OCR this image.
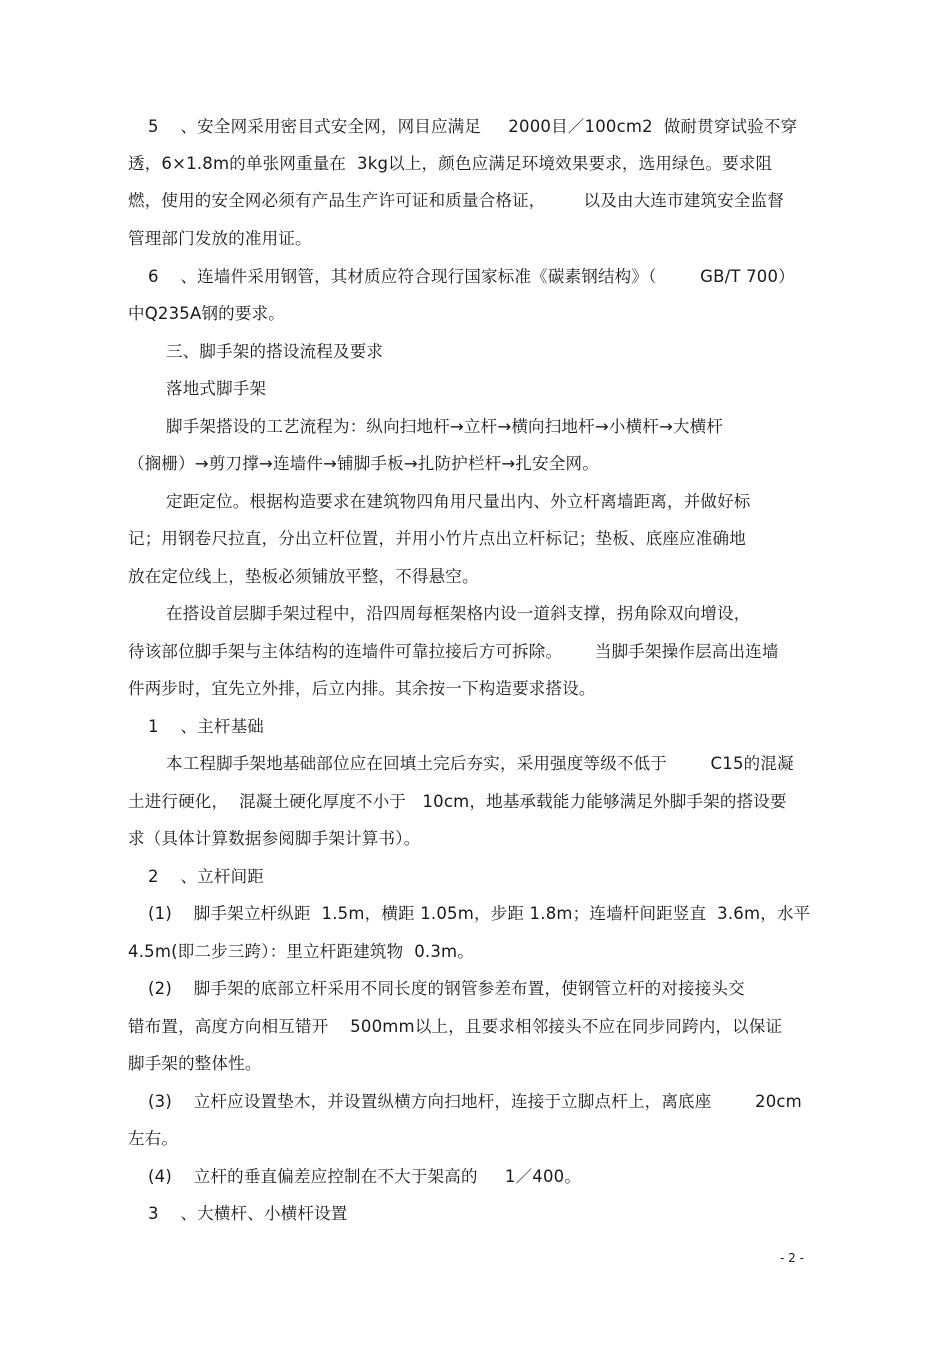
5    、安全网采用密目式安全网，网目应满足     2000目／100cm2  做耐贯穿试验不穿
透，6×1.8m的单张网重量在  3kg以上，颜色应满足环境效果要求，选用绿色。要求阻
燃，使用的安全网必须有产品生产许可证和质量合格证，       以及由大连市建筑安全监督
管理部门发放的准用证。
6    、连墙件采用钢管，其材质应符合现行国家标准《碳素钢结构》（        GB/T 700）
中Q235A钢的要求。
三、脚手架的搭设流程及要求
落地式脚手架
脚手架搭设的工艺流程为：纵向扫地杆→立杆→横向扫地杆→小横杆→大横杆
（搁栅）→剪刀撑→连墙件→铺脚手板→扎防护栏杆→扎安全网。
定距定位。根据构造要求在建筑物四角用尺量出内、外立杆离墙距离，并做好标
记；用钢卷尺拉直，分出立杆位置，并用小竹片点出立杆标记；垫板、底座应准确地
放在定位线上，垫板必须铺放平整，不得悬空。
在搭设首层脚手架过程中，沿四周每框架格内设一道斜支撑，拐角除双向增设，
待该部位脚手架与主体结构的连墙件可靠拉接后方可拆除。      当脚手架操作层高出连墙
件两步时，宜先立外排，后立内排。其余按一下构造要求搭设。
1    、主杆基础
本工程脚手架地基础部位应在回填土完后夯实，采用强度等级不低于        C15的混凝
土进行硬化，  混凝土硬化厚度不小于   10cm，地基承载能力能够满足外脚手架的搭设要
求（具体计算数据参阅脚手架计算书）。
2    、立杆间距
(1)    脚手架立杆纵距  1.5m，横距 1.05m，步距 1.8m；连墙杆间距竖直  3.6m，水平
4.5m(即二步三跨）：里立杆距建筑物  0.3m。
(2)    脚手架的底部立杆采用不同长度的钢管参差布置，使钢管立杆的对接接头交
错布置，高度方向相互错开    500mm以上，且要求相邻接头不应在同步同跨内，以保证
脚手架的整体性。
(3)    立杆应设置垫木，并设置纵横方向扫地杆，连接于立脚点杆上，离底座        20cm
左右。
(4)    立杆的垂直偏差应控制在不大于架高的     1／400。
3    、大横杆、小横杆设置
- 2 -
